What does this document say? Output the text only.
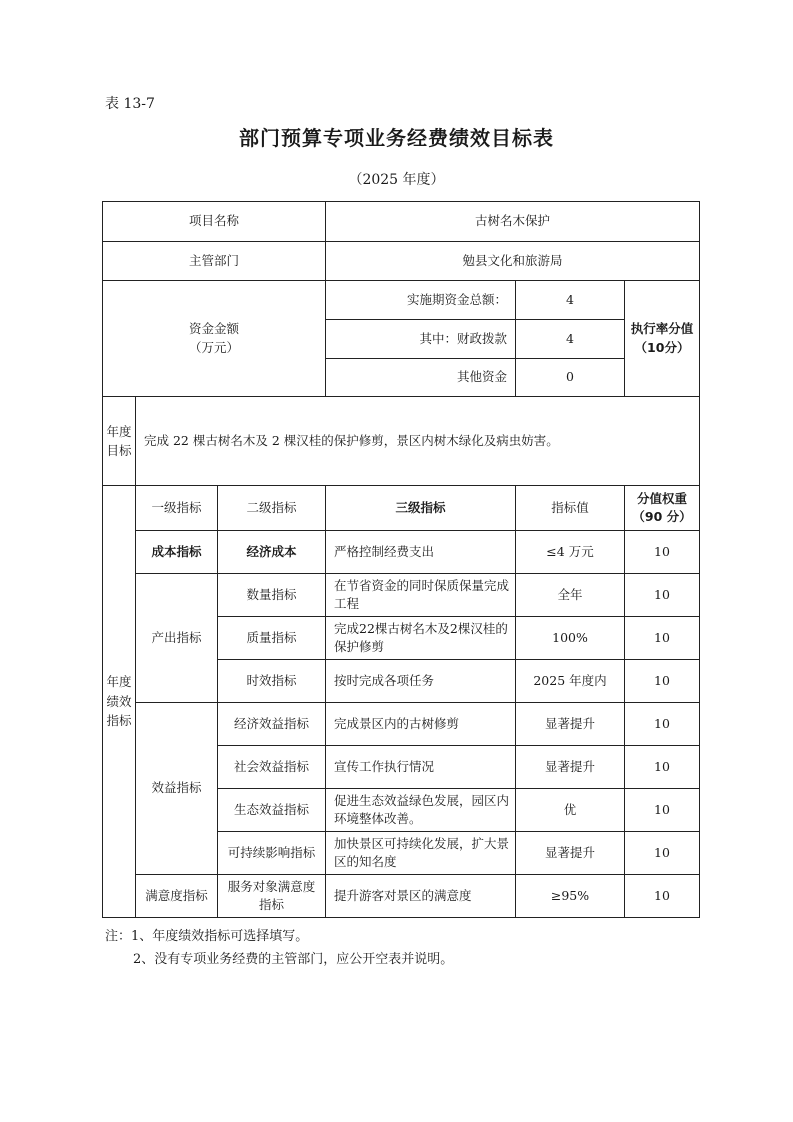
表 13-7
部门预算专项业务经费绩效目标表
（2025 年度）
项目名称			古树名木保护		
主管部门			勉县文化和旅游局		

资金金额
（万元）			实施期资金总额：	4	执行率分值（10分）
			其中：财政拨款	4	
			其他资金	0	
年度目标	完成 22 棵古树名木及 2 棵汉桂的保护修剪，景区内树木绿化及病虫妨害。				
年度绩效指标	一级指标	二级指标	三级指标	指标值	分值权重（90 分）
	成本指标	经济成本	严格控制经费支出	≤4 万元	10
	产出指标	数量指标	在节省资金的同时保质保量完成工程	全年	10
		质量指标	完成22棵古树名木及2棵汉桂的保护修剪	100%	10
		时效指标	按时完成各项任务	2025 年度内	10
	效益指标	经济效益指标	完成景区内的古树修剪	显著提升	10
		社会效益指标	宣传工作执行情况	显著提升	10
		生态效益指标	促进生态效益绿色发展，园区内环境整体改善。	优	10
		可持续影响指标	加快景区可持续化发展，扩大景区的知名度	显著提升	10
	满意度指标	服务对象满意度指标	提升游客对景区的满意度	≥95%	10
注：1、年度绩效指标可选择填写。
2、没有专项业务经费的主管部门，应公开空表并说明。
